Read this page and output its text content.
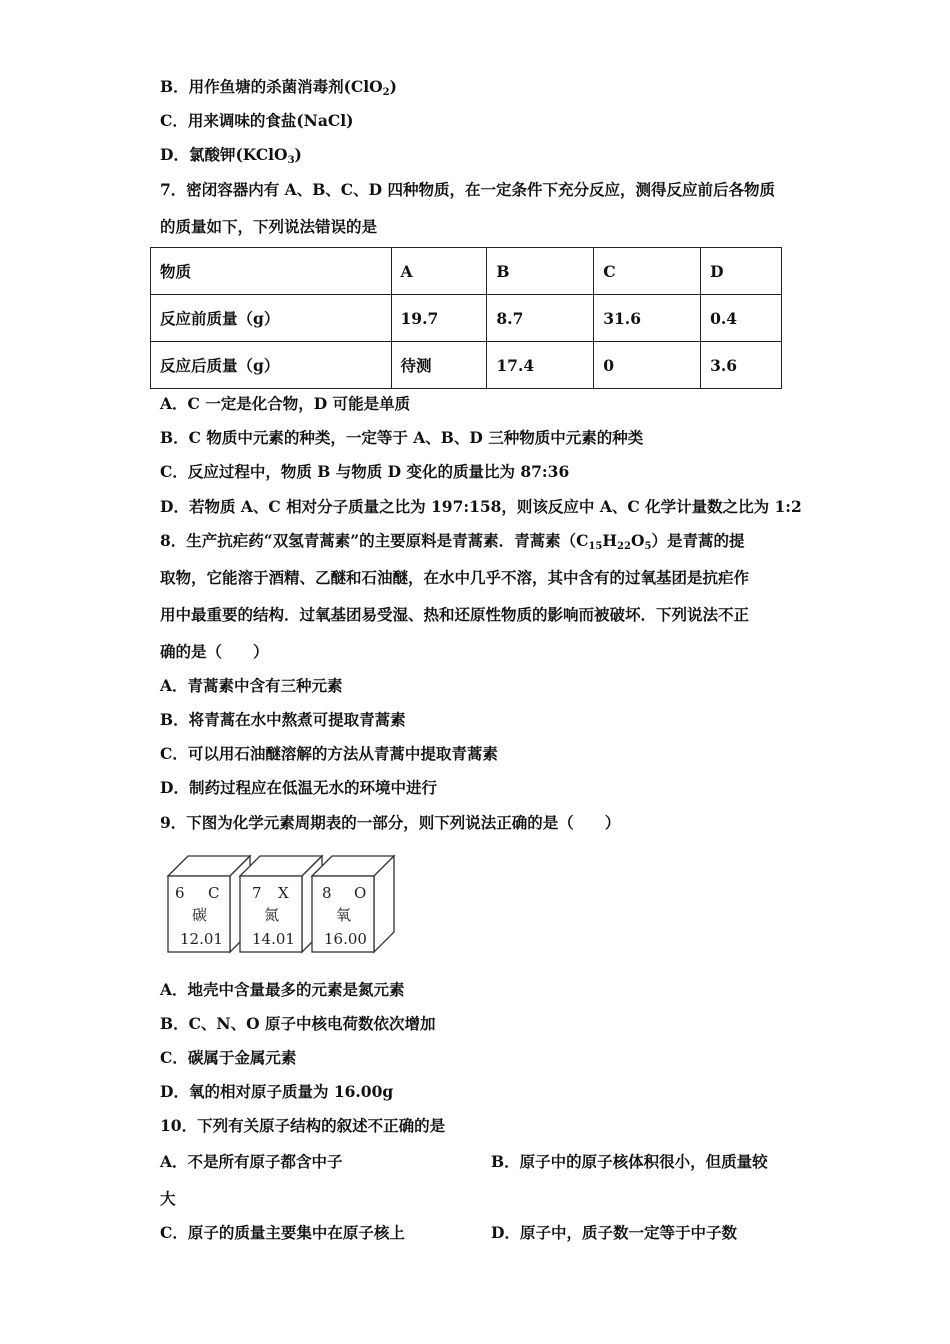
B．用作鱼塘的杀菌消毒剂(ClO$_2$)
C．用来调味的食盐(NaCl)
D．氯酸钾(KClO$_3$)
7．密闭容器内有 A、B、C、D 四种物质，在一定条件下充分反应，测得反应前后各物质
的质量如下，下列说法错误的是
物质	A	B	C	D
反应前质量（g）	19.7	8.7	31.6	0.4
反应后质量（g）	待测	17.4	0	3.6
A．C 一定是化合物，D 可能是单质
B．C 物质中元素的种类，一定等于 A、B、D 三种物质中元素的种类
C．反应过程中，物质 B 与物质 D 变化的质量比为 87:36
D．若物质 A、C 相对分子质量之比为 197:158，则该反应中 A、C 化学计量数之比为 1:2
8．生产抗疟药“双氢青蒿素”的主要原料是青蒿素．青蒿素$(C_{15}H_{22}O_5)$是青蒿的提
取物，它能溶于酒精、乙醚和石油醚，在水中几乎不溶，其中含有的过氧基团是抗疟作
用中最重要的结构．过氧基团易受湿、热和还原性物质的影响而被破坏．下列说法不正
确的是（　　）
A．青蒿素中含有三种元素
B．将青蒿在水中熬煮可提取青蒿素
C．可以用石油醚溶解的方法从青蒿中提取青蒿素
D．制药过程应在低温无水的环境中进行
9．下图为化学元素周期表的一部分，则下列说法正确的是（　　）
6 C
碳
12.01
7 X
氮
14.01
8 O
氧
16.00
A．地壳中含量最多的元素是氮元素
B．C、N、O 原子中核电荷数依次增加
C．碳属于金属元素
D．氧的相对原子质量为 16.00g
10．下列有关原子结构的叙述不正确的是
A．不是所有原子都含中子	B．原子中的原子核体积很小，但质量较
大
C．原子的质量主要集中在原子核上	D．原子中，质子数一定等于中子数
